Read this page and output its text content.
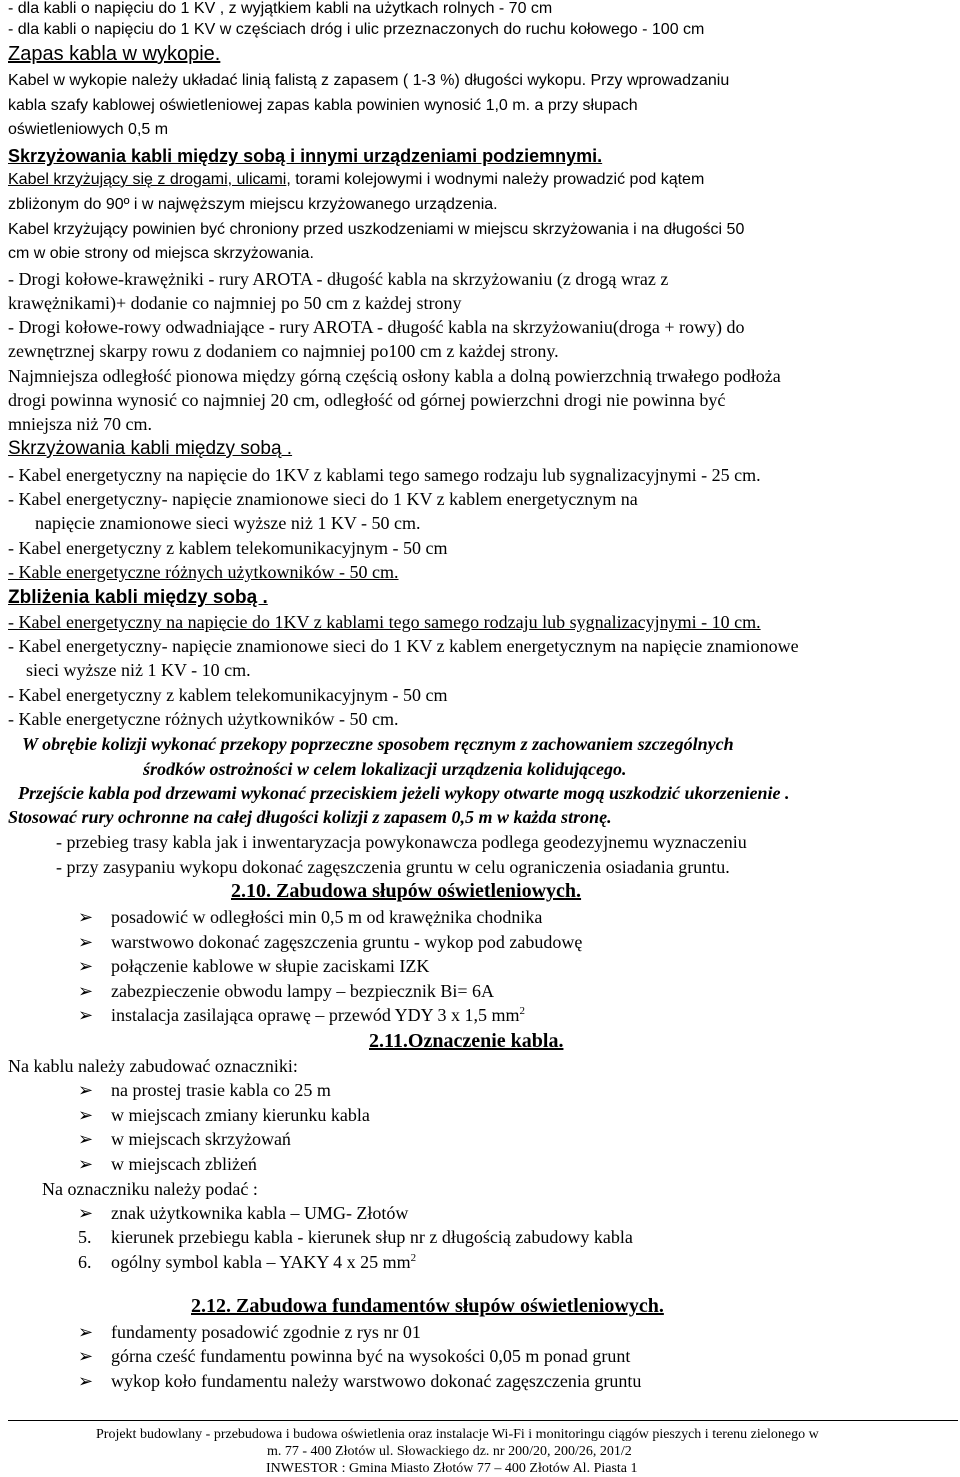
- dla kabli o napięciu do 1 KV , z wyjątkiem kabli na użytkach rolnych - 70 cm
- dla kabli o napięciu do 1 KV w częściach dróg i ulic przeznaczonych do ruchu kołowego - 100 cm
Zapas kabla w wykopie.
Kabel w wykopie należy układać linią falistą z zapasem ( 1-3 %) długości wykopu. Przy wprowadzaniu
kabla szafy kablowej oświetleniowej zapas kabla powinien wynosić 1,0 m. a przy słupach
oświetleniowych 0,5 m
Skrzyżowania kabli między sobą i innymi urządzeniami podziemnymi.
Kabel krzyżujący się z drogami, ulicami, torami kolejowymi i wodnymi należy prowadzić pod kątem
zbliżonym do 90º i w najwęższym miejscu krzyżowanego urządzenia.
Kabel krzyżujący powinien być chroniony przed uszkodzeniami w miejscu skrzyżowania i na długości 50
cm w obie strony od miejsca skrzyżowania.
- Drogi kołowe-krawężniki - rury AROTA - długość kabla na skrzyżowaniu (z drogą wraz z
krawężnikami)+ dodanie co najmniej po 50 cm z każdej strony
- Drogi kołowe-rowy odwadniające - rury AROTA - długość kabla na skrzyżowaniu(droga + rowy) do
zewnętrznej skarpy rowu z dodaniem co najmniej po100 cm z każdej strony.
Najmniejsza odległość pionowa między górną częścią osłony kabla a dolną powierzchnią trwałego podłoża
drogi powinna wynosić co najmniej 20 cm, odległość od górnej powierzchni drogi nie powinna być
mniejsza niż 70 cm.
Skrzyżowania kabli między sobą .
- Kabel energetyczny na napięcie do 1KV z kablami tego samego rodzaju lub sygnalizacyjnymi - 25 cm.
- Kabel energetyczny- napięcie znamionowe sieci do 1 KV z kablem energetycznym na
napięcie znamionowe sieci wyższe niż 1 KV - 50 cm.
- Kabel energetyczny z kablem telekomunikacyjnym - 50 cm
- Kable energetyczne różnych użytkowników - 50 cm.
Zbliżenia kabli między sobą .
- Kabel energetyczny na napięcie do 1KV z kablami tego samego rodzaju lub sygnalizacyjnymi - 10 cm.
- Kabel energetyczny- napięcie znamionowe sieci do 1 KV z kablem energetycznym na napięcie znamionowe
sieci wyższe niż 1 KV - 10 cm.
- Kabel energetyczny z kablem telekomunikacyjnym - 50 cm
- Kable energetyczne różnych użytkowników - 50 cm.
W obrębie kolizji wykonać przekopy poprzeczne sposobem ręcznym z zachowaniem szczególnych
środków ostrożności w celem lokalizacji urządzenia kolidującego.
Przejście kabla pod drzewami wykonać przeciskiem jeżeli wykopy otwarte mogą uszkodzić ukorzenienie .
Stosować rury ochronne na całej długości kolizji z zapasem 0,5 m w każda stronę.
- przebieg trasy kabla jak i inwentaryzacja powykonawcza podlega geodezyjnemu wyznaczeniu
- przy zasypaniu wykopu dokonać zagęszczenia gruntu w celu ograniczenia osiadania gruntu.
2.10. Zabudowa słupów oświetleniowych.
➢ posadowić w odległości min 0,5 m od krawężnika chodnika
➢ warstwowo dokonać zagęszczenia gruntu - wykop pod zabudowę
➢ połączenie kablowe w słupie zaciskami IZK
➢ zabezpieczenie obwodu lampy – bezpiecznik Bi= 6A
➢ instalacja zasilająca oprawę – przewód YDY 3 x 1,5 $mm^2$
2.11.Oznaczenie kabla.
Na kablu należy zabudować oznaczniki:
➢ na prostej trasie kabla co 25 m
➢ w miejscach zmiany kierunku kabla
➢ w miejscach skrzyżowań
➢ w miejscach zbliżeń
Na oznaczniku należy podać :
➢ znak użytkownika kabla – UMG- Złotów
5. kierunek przebiegu kabla - kierunek słup nr z długością zabudowy kabla
6. ogólny symbol kabla – YAKY 4 x 25 $mm^2$
2.12. Zabudowa fundamentów słupów oświetleniowych.
➢ fundamenty posadowić zgodnie z rys nr 01
➢ górna cześć fundamentu powinna być na wysokości 0,05 m ponad grunt
➢ wykop koło fundamentu należy warstwowo dokonać zagęszczenia gruntu
Projekt budowlany - przebudowa i budowa oświetlenia oraz instalacje Wi-Fi i monitoringu ciągów pieszych i terenu zielonego w
m. 77 - 400 Złotów ul. Słowackiego dz. nr 200/20, 200/26, 201/2
INWESTOR : Gmina Miasto Złotów 77 – 400 Złotów Al. Piasta 1
